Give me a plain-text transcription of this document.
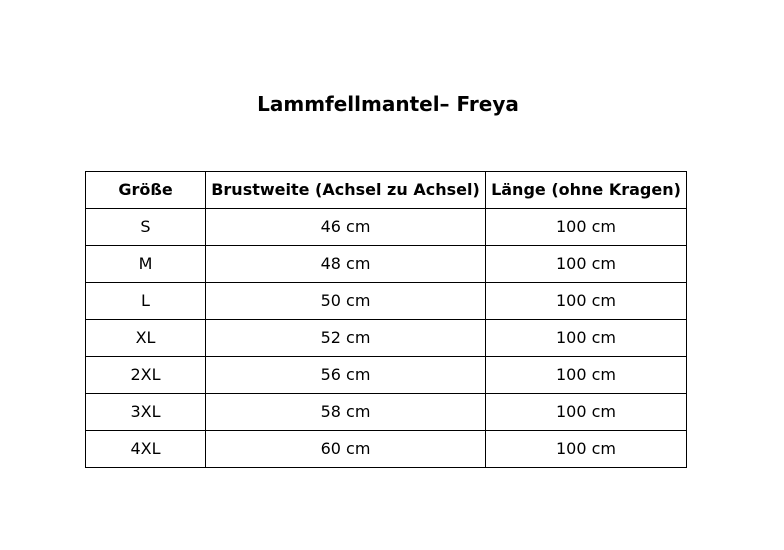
Lammfellmantel– Freya
Größe	Brustweite (Achsel zu Achsel)	Länge (ohne Kragen)
S	46 cm	100 cm
M	48 cm	100 cm
L	50 cm	100 cm
XL	52 cm	100 cm
2XL	56 cm	100 cm
3XL	58 cm	100 cm
4XL	60 cm	100 cm
